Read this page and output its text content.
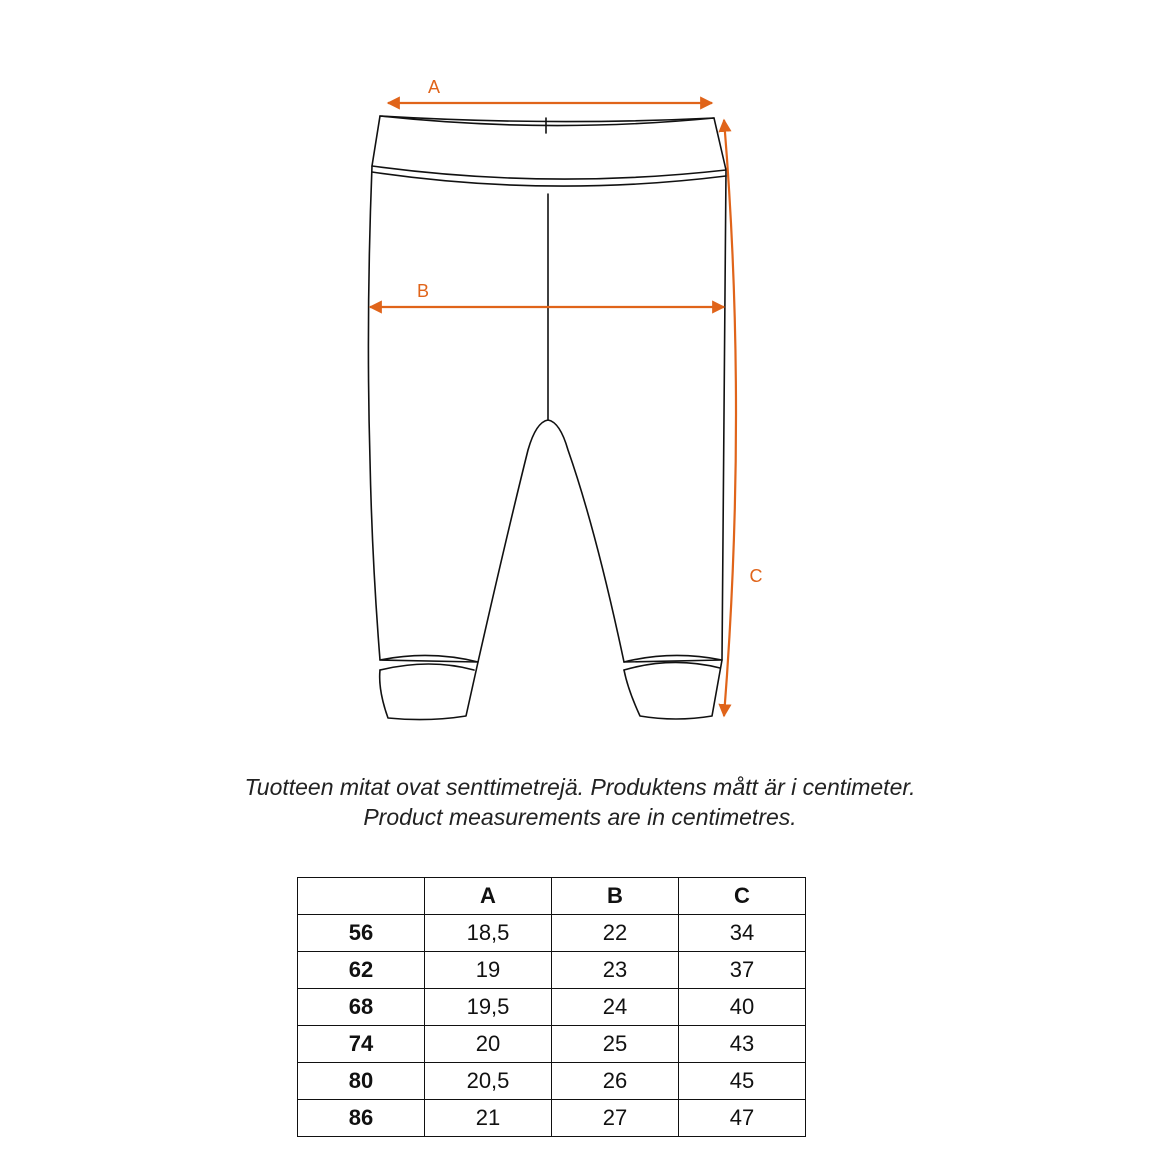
A
B
C
Tuotteen mitat ovat senttimetrejä. Produktens mått är i centimeter.
Product measurements are in centimetres.
	A	B	C
56	18,5	22	34
62	19	23	37
68	19,5	24	40
74	20	25	43
80	20,5	26	45
86	21	27	47
